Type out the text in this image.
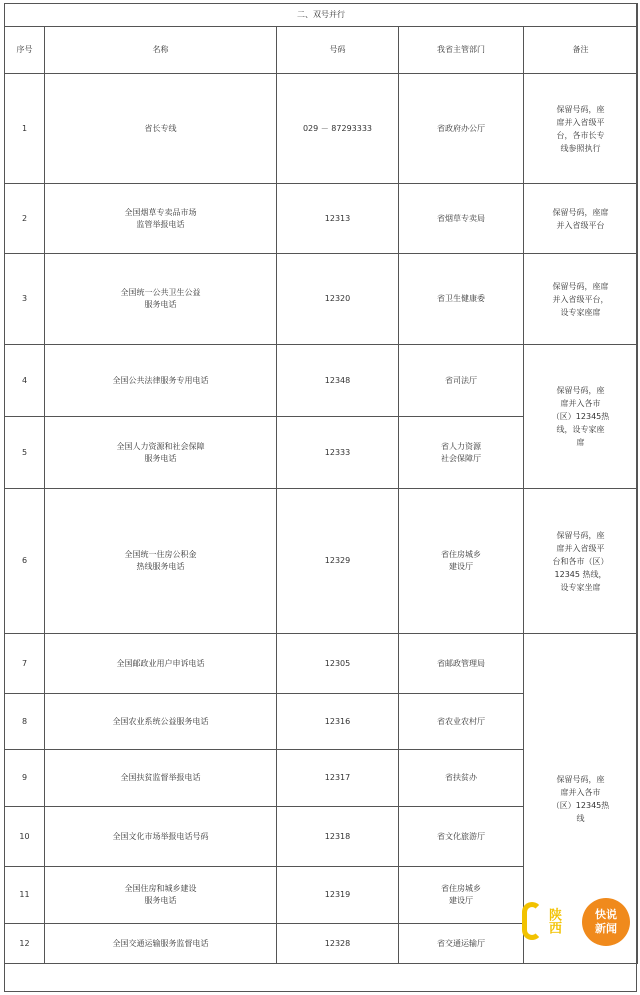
二、双号并行				
序号	名称	号码	我省主管部门	备注
1	省长专线	029 － 87293333	省政府办公厅	保留号码，座
席并入省级平
台，各市长专
线参照执行
2	全国烟草专卖品市场
监管举报电话	12313	省烟草专卖局	保留号码，座席
并入省级平台
3	全国统一公共卫生公益
服务电话	12320	省卫生健康委	保留号码，座席
并入省级平台，
设专家座席
4	全国公共法律服务专用电话	12348	省司法厅	保留号码，座
席并入各市
（区）12345热
线，设专家座
席
5	全国人力资源和社会保障
服务电话	12333	省人力资源
社会保障厅	
6	全国统一住房公积金
热线服务电话	12329	省住房城乡
建设厅	保留号码，座
席并入省级平
台和各市（区）
12345 热线，
设专家坐席
7	全国邮政业用户申诉电话	12305	省邮政管理局	保留号码，座
席并入各市
（区）12345热
线
8	全国农业系统公益服务电话	12316	省农业农村厅	
9	全国扶贫监督举报电话	12317	省扶贫办	
10	全国文化市场举报电话号码	12318	省文化旅游厅	
11	全国住房和城乡建设
服务电话	12319	省住房城乡
建设厅	
12	全国交通运输服务监督电话	12328	省交通运输厅	
陕西	快说
新闻
